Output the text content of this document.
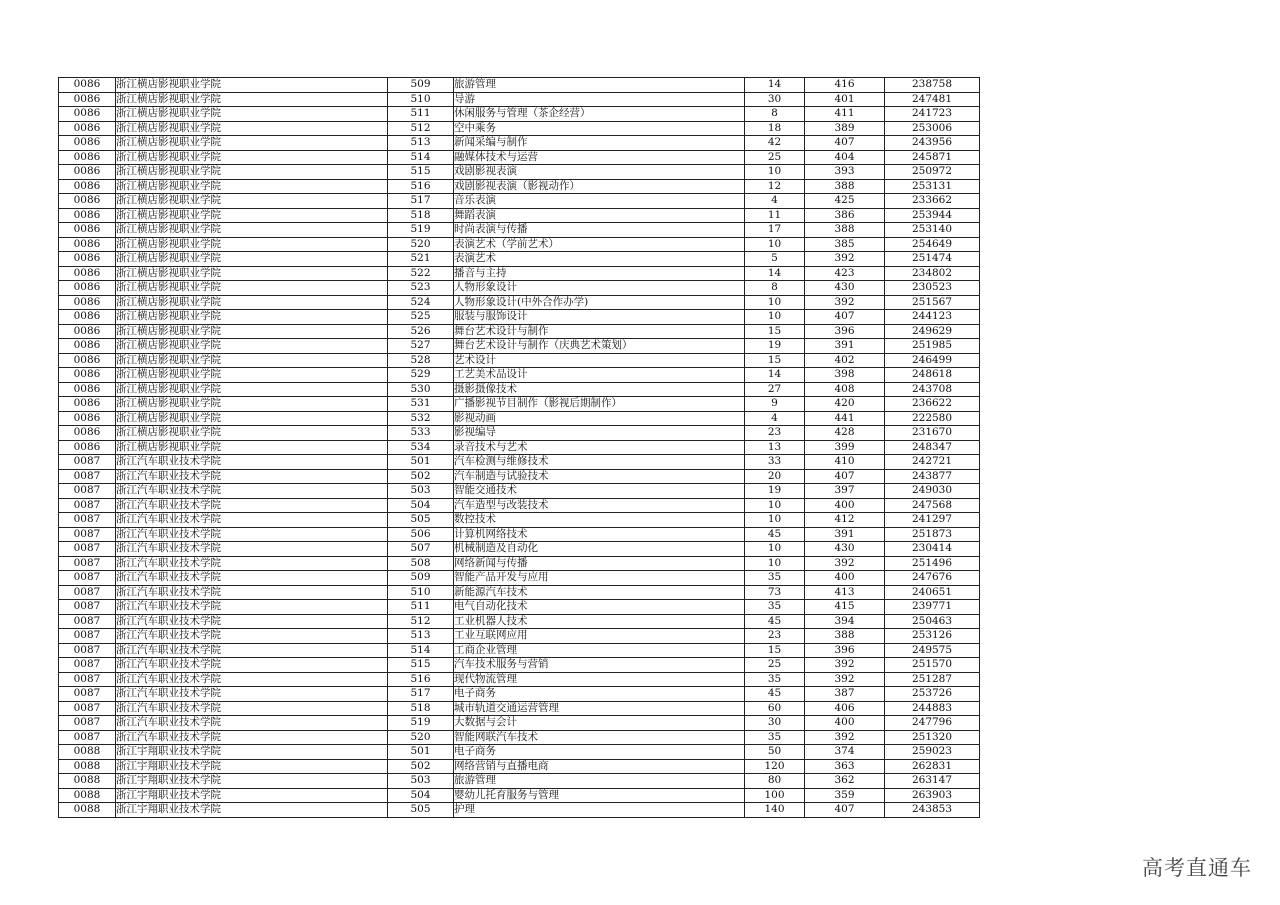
0086	浙江横店影视职业学院	509	旅游管理	14	416	238758
0086	浙江横店影视职业学院	510	导游	30	401	247481
0086	浙江横店影视职业学院	511	休闲服务与管理（茶企经营）	8	411	241723
0086	浙江横店影视职业学院	512	空中乘务	18	389	253006
0086	浙江横店影视职业学院	513	新闻采编与制作	42	407	243956
0086	浙江横店影视职业学院	514	融媒体技术与运营	25	404	245871
0086	浙江横店影视职业学院	515	戏剧影视表演	10	393	250972
0086	浙江横店影视职业学院	516	戏剧影视表演（影视动作）	12	388	253131
0086	浙江横店影视职业学院	517	音乐表演	4	425	233662
0086	浙江横店影视职业学院	518	舞蹈表演	11	386	253944
0086	浙江横店影视职业学院	519	时尚表演与传播	17	388	253140
0086	浙江横店影视职业学院	520	表演艺术（学前艺术）	10	385	254649
0086	浙江横店影视职业学院	521	表演艺术	5	392	251474
0086	浙江横店影视职业学院	522	播音与主持	14	423	234802
0086	浙江横店影视职业学院	523	人物形象设计	8	430	230523
0086	浙江横店影视职业学院	524	人物形象设计(中外合作办学)	10	392	251567
0086	浙江横店影视职业学院	525	服装与服饰设计	10	407	244123
0086	浙江横店影视职业学院	526	舞台艺术设计与制作	15	396	249629
0086	浙江横店影视职业学院	527	舞台艺术设计与制作（庆典艺术策划）	19	391	251985
0086	浙江横店影视职业学院	528	艺术设计	15	402	246499
0086	浙江横店影视职业学院	529	工艺美术品设计	14	398	248618
0086	浙江横店影视职业学院	530	摄影摄像技术	27	408	243708
0086	浙江横店影视职业学院	531	广播影视节目制作（影视后期制作）	9	420	236622
0086	浙江横店影视职业学院	532	影视动画	4	441	222580
0086	浙江横店影视职业学院	533	影视编导	23	428	231670
0086	浙江横店影视职业学院	534	录音技术与艺术	13	399	248347
0087	浙江汽车职业技术学院	501	汽车检测与维修技术	33	410	242721
0087	浙江汽车职业技术学院	502	汽车制造与试验技术	20	407	243877
0087	浙江汽车职业技术学院	503	智能交通技术	19	397	249030
0087	浙江汽车职业技术学院	504	汽车造型与改装技术	10	400	247568
0087	浙江汽车职业技术学院	505	数控技术	10	412	241297
0087	浙江汽车职业技术学院	506	计算机网络技术	45	391	251873
0087	浙江汽车职业技术学院	507	机械制造及自动化	10	430	230414
0087	浙江汽车职业技术学院	508	网络新闻与传播	10	392	251496
0087	浙江汽车职业技术学院	509	智能产品开发与应用	35	400	247676
0087	浙江汽车职业技术学院	510	新能源汽车技术	73	413	240651
0087	浙江汽车职业技术学院	511	电气自动化技术	35	415	239771
0087	浙江汽车职业技术学院	512	工业机器人技术	45	394	250463
0087	浙江汽车职业技术学院	513	工业互联网应用	23	388	253126
0087	浙江汽车职业技术学院	514	工商企业管理	15	396	249575
0087	浙江汽车职业技术学院	515	汽车技术服务与营销	25	392	251570
0087	浙江汽车职业技术学院	516	现代物流管理	35	392	251287
0087	浙江汽车职业技术学院	517	电子商务	45	387	253726
0087	浙江汽车职业技术学院	518	城市轨道交通运营管理	60	406	244883
0087	浙江汽车职业技术学院	519	大数据与会计	30	400	247796
0087	浙江汽车职业技术学院	520	智能网联汽车技术	35	392	251320
0088	浙江宇翔职业技术学院	501	电子商务	50	374	259023
0088	浙江宇翔职业技术学院	502	网络营销与直播电商	120	363	262831
0088	浙江宇翔职业技术学院	503	旅游管理	80	362	263147
0088	浙江宇翔职业技术学院	504	婴幼儿托育服务与管理	100	359	263903
0088	浙江宇翔职业技术学院	505	护理	140	407	243853
高考直通车
